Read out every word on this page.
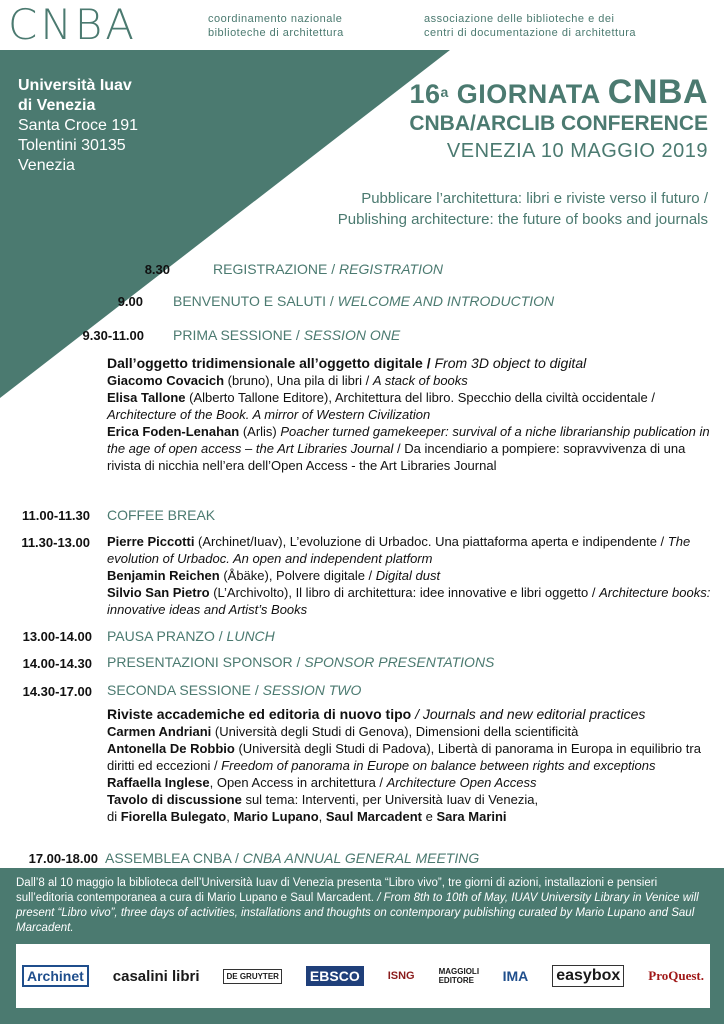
CNBA	coordinamento nazionale
biblioteche di architettura
associazione delle biblioteche e dei
centri di documentazione di architettura
Università Iuav
di Venezia
Santa Croce 191
Tolentini 30135
Venezia
16$^a$ GIORNATA CNBA
CNBA/ARCLIB CONFERENCE
VENEZIA 10 MAGGIO 2019
Pubblicare l’architettura: libri e riviste verso il futuro / Publishing architecture: the future of books and journals
8.30	REGISTRAZIONE / REGISTRATION
9.00 BENVENUTO E SALUTI / WELCOME AND INTRODUCTION
9.30-11.00 PRIMA SESSIONE / SESSION ONE
Dall’oggetto tridimensionale all’oggetto digitale / From 3D object to digital
Giacomo Covacich (bruno), Una pila di libri / A stack of books
Elisa Tallone (Alberto Tallone Editore), Architettura del libro. Specchio della civiltà occidentale / Architecture of the Book. A mirror of Western Civilization
Erica Foden-Lenahan (Arlis) Poacher turned gamekeeper: survival of a niche librarianship publication in the age of open access – the Art Libraries Journal / Da incendiario a pompiere: sopravvivenza di una rivista di nicchia nell’era dell’Open Access - the Art Libraries Journal
11.00-11.30 COFFEE BREAK
11.30-13.00 Pierre Piccotti (Archinet/Iuav), L’evoluzione di Urbadoc. Una piattaforma aperta e indipendente / The evolution of Urbadoc. An open and independent platform
Benjamin Reichen (Åbäke), Polvere digitale / Digital dust
Silvio San Pietro (L’Archivolto), Il libro di architettura: idee innovative e libri oggetto / Architecture books: innovative ideas and Artist’s Books
13.00-14.00 PAUSA PRANZO / LUNCH
14.00-14.30 PRESENTAZIONI SPONSOR / SPONSOR PRESENTATIONS
14.30-17.00 SECONDA SESSIONE / SESSION TWO
Riviste accademiche ed editoria di nuovo tipo / Journals and new editorial practices
Carmen Andriani (Università degli Studi di Genova), Dimensioni della scientificità
Antonella De Robbio (Università degli Studi di Padova), Libertà di panorama in Europa in equilibrio tra diritti ed eccezioni / Freedom of panorama in Europe on balance between rights and exceptions
Raffaella Inglese, Open Access in architettura / Architecture Open Access
Tavolo di discussione sul tema: Interventi, per Università Iuav di Venezia,
di Fiorella Bulegato, Mario Lupano, Saul Marcadent e Sara Marini
17.00-18.00 ASSEMBLEA CNBA / CNBA ANNUAL GENERAL MEETING
Dall’8 al 10 maggio la biblioteca dell’Università Iuav di Venezia presenta “Libro vivo”, tre giorni di azioni, installazioni e pensieri sull’editoria contemporanea a cura di Mario Lupano e Saul Marcadent. / From 8th to 10th of May, IUAV University Library in Venice will present “Libro vivo”, three days of activities, installations and thoughts on contemporary publishing curated by Mario Lupano and Saul Marcadent.
Archinet	casalini libri	DE GRUYTER EBSCO	ISNG	MAGGIOLI EDITORE	IMA easybox	ProQuest.
